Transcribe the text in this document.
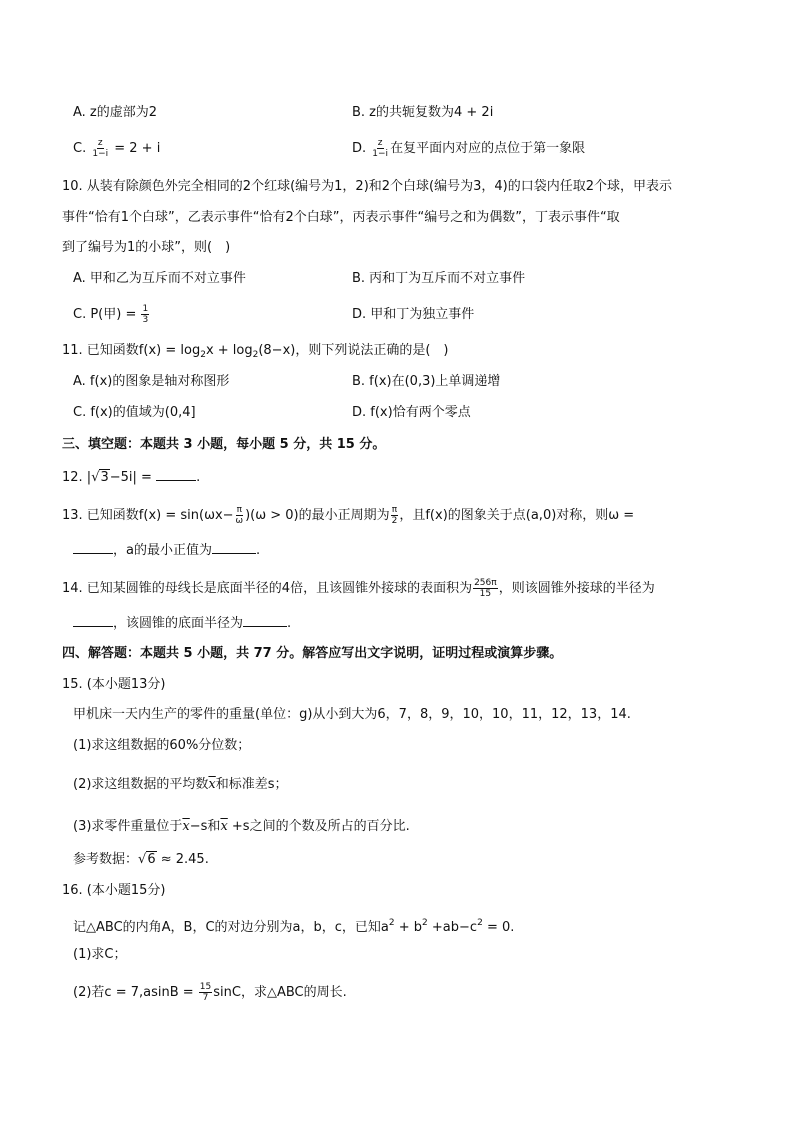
A. z的虚部为2	B. z的共轭复数为4 + 2i
C. $\frac{z}{1-i} = 2 + i$	D. $\frac{z}{1-i}$ 在复平面内对应的点位于第一象限
10. 从装有除颜色外完全相同的2个红球(编号为1，2)和2个白球(编号为3，4)的口袋内任取2个球，甲表示
事件“恰有1个白球”，乙表示事件“恰有2个白球”，丙表示事件“编号之和为偶数”，丁表示事件“取
到了编号为1的小球”，则(　)
A. 甲和乙为互斥而不对立事件	B. 丙和丁为互斥而不对立事件
C. P(甲) = $\frac{1}{3}$	D. 甲和丁为独立事件
11. 已知函数$f(x) = \log_2x + \log_2(8-x)$，则下列说法正确的是(　)
A. f(x)的图象是轴对称图形	B. f(x)在(0,3)上单调递增
C. f(x)的值域为(0,4]	D. f(x)恰有两个零点
三、填空题：本题共 3 小题，每小题 5 分，共 15 分。
12. |√3−5i| =	.
13. 已知函数$f(x) = \sin(\omega x- \frac{\pi}{\omega} )(\omega > 0)$的最小正周期为 $\frac{\pi}{2}$ ，且f(x)的图象关于点(a,0)对称，则ω =
，a的最小正值为	.
14. 已知某圆锥的母线长是底面半径的4倍，且该圆锥外接球的表面积为 $\frac{256\pi}{15}$ ，则该圆锥外接球的半径为
，该圆锥的底面半径为	.
四、解答题：本题共 5 小题，共 77 分。解答应写出文字说明，证明过程或演算步骤。
15. (本小题13分)
甲机床一天内生产的零件的重量(单位：g)从小到大为6，7，8，9，10，10，11，12，13，14.
(1)求这组数据的60%分位数；
(2)求这组数据的平均数$\overline{x}$和标准差s；
(3)求零件重量位于$\overline{x}-s$和$\overline{x} +s$之间的个数及所占的百分比.
参考数据：√6 ≈ 2.45.
16. (本小题15分)
记△ABC的内角A，B，C的对边分别为a，b，c，已知$a^2 + b^2 +ab-c^2 = 0$.
(1)求C；
(2)若$c = 7,asinB = \frac{15}{7}$ sinC，求△ABC的周长.
